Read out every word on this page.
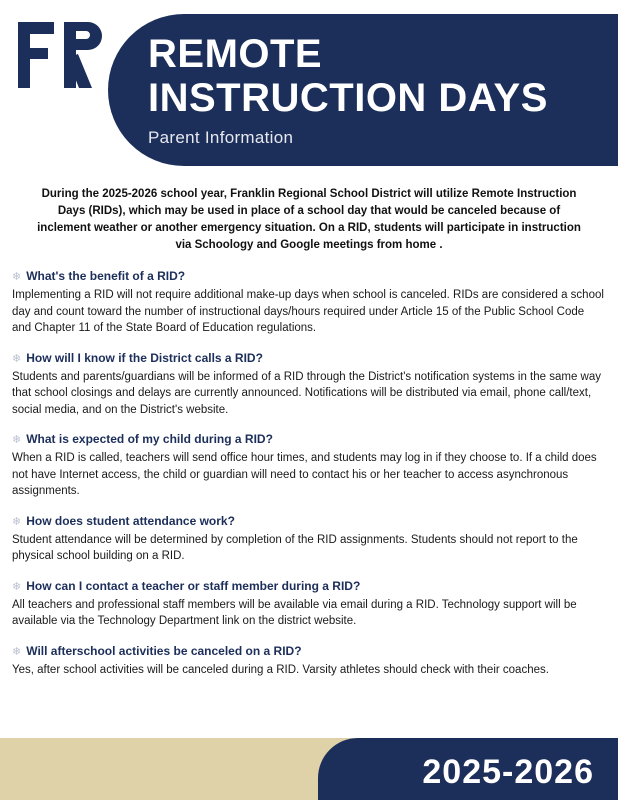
REMOTE
INSTRUCTION DAYS
Parent Information
During the 2025-2026 school year, Franklin Regional School District will utilize Remote Instruction Days (RIDs), which may be used in place of a school day that would be canceled because of inclement weather or another emergency situation. On a RID, students will participate in instruction via Schoology and Google meetings from home .
❄ What's the benefit of a RID?
Implementing a RID will not require additional make-up days when school is canceled. RIDs are considered a school day and count toward the number of instructional days/hours required under Article 15 of the Public School Code and Chapter 11 of the State Board of Education regulations.
❄ How will I know if the District calls a RID?
Students and parents/guardians will be informed of a RID through the District's notification systems in the same way that school closings and delays are currently announced. Notifications will be distributed via email, phone call/text, social media, and on the District's website.
❄ What is expected of my child during a RID?
When a RID is called, teachers will send office hour times, and students may log in if they choose to. If a child does not have Internet access, the child or guardian will need to contact his or her teacher to access asynchronous assignments.
❄ How does student attendance work?
Student attendance will be determined by completion of the RID assignments. Students should not report to the physical school building on a RID.
❄ How can I contact a teacher or staff member during a RID?
All teachers and professional staff members will be available via email during a RID. Technology support will be available via the Technology Department link on the district website.
❄ Will afterschool activities be canceled on a RID?
Yes, after school activities will be canceled during a RID. Varsity athletes should check with their coaches.
2025-2026
